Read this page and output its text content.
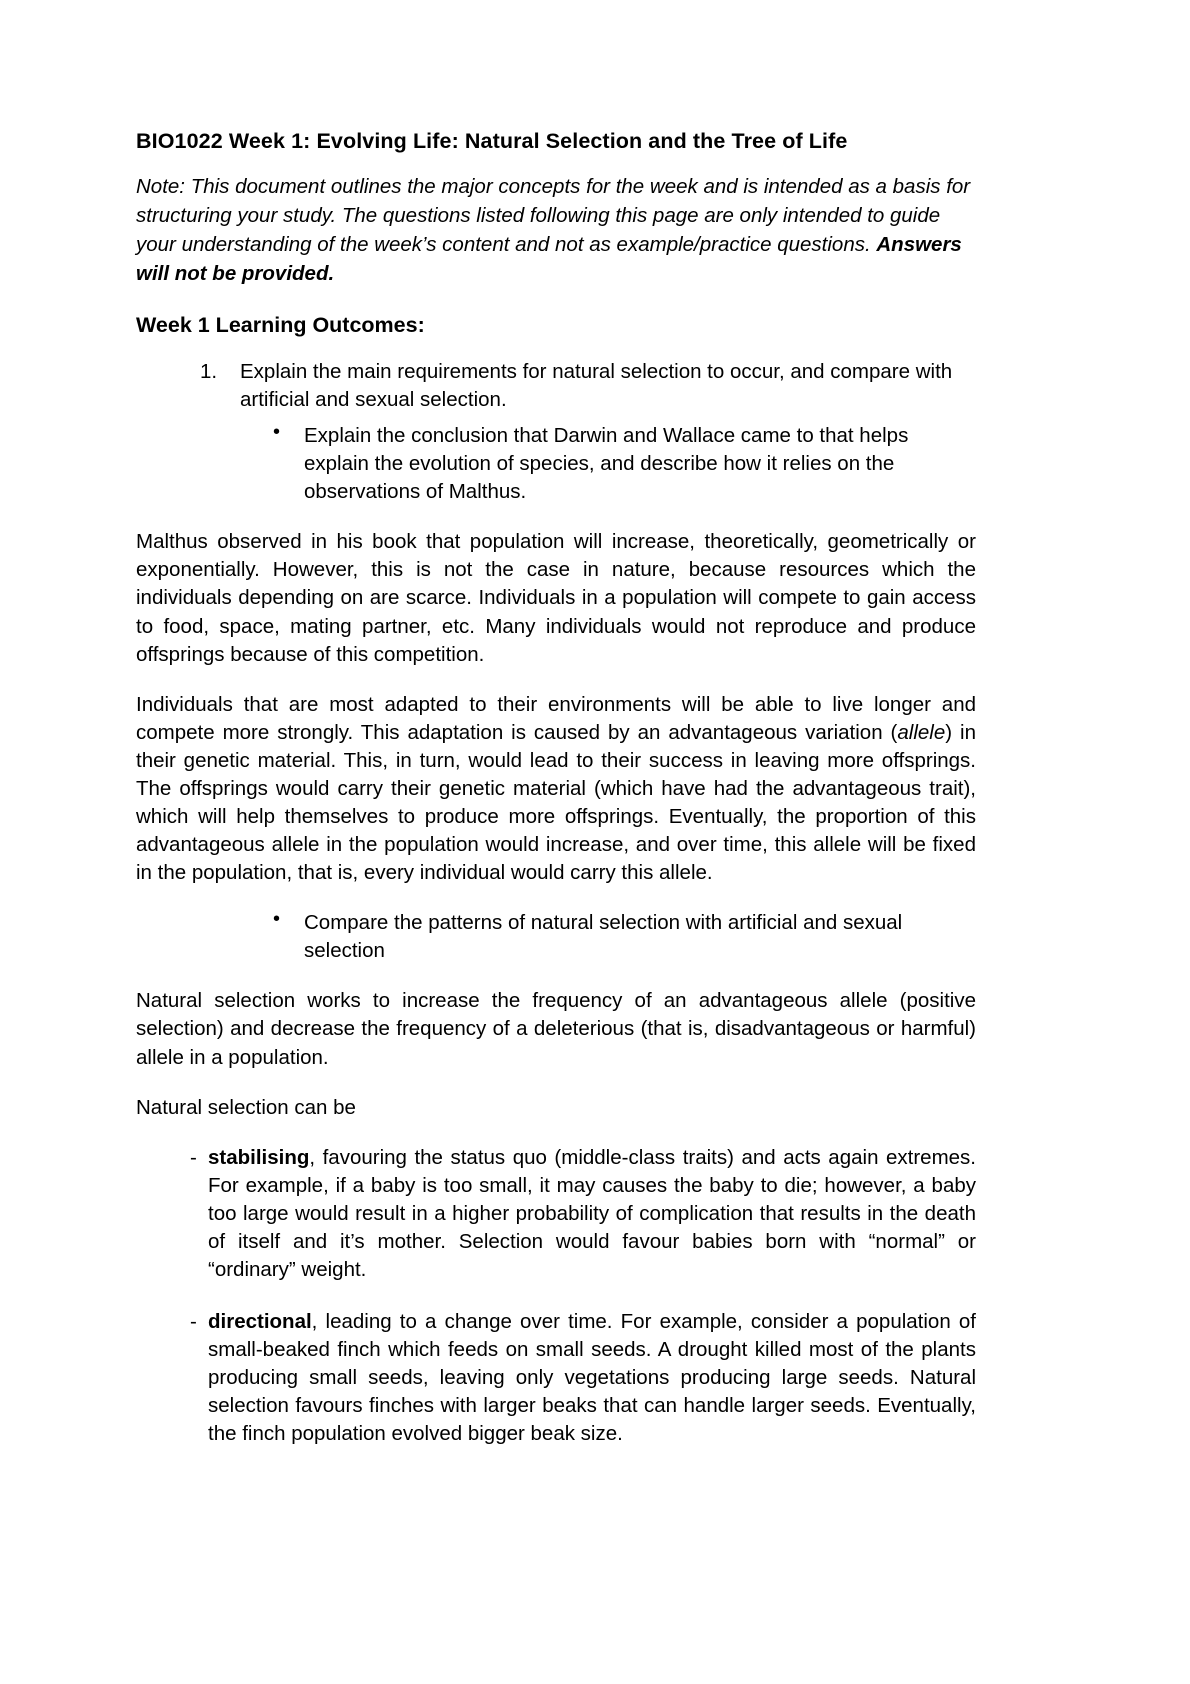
BIO1022 Week 1: Evolving Life: Natural Selection and the Tree of Life

Note: This document outlines the major concepts for the week and is intended as a basis for structuring your study. The questions listed following this page are only intended to guide your understanding of the week’s content and not as example/practice questions. Answers will not be provided.

Week 1 Learning Outcomes:
1.	Explain the main requirements for natural selection to occur, and compare with artificial and sexual selection.
• Explain the conclusion that Darwin and Wallace came to that helps explain the evolution of species, and describe how it relies on the observations of Malthus.

Malthus observed in his book that population will increase, theoretically, geometrically or exponentially. However, this is not the case in nature, because resources which the individuals depending on are scarce. Individuals in a population will compete to gain access to food, space, mating partner, etc. Many individuals would not reproduce and produce offsprings because of this competition.

Individuals that are most adapted to their environments will be able to live longer and compete more strongly. This adaptation is caused by an advantageous variation (allele) in their genetic material. This, in turn, would lead to their success in leaving more offsprings. The offsprings would carry their genetic material (which have had the advantageous trait), which will help themselves to produce more offsprings. Eventually, the proportion of this advantageous allele in the population would increase, and over time, this allele will be fixed in the population, that is, every individual would carry this allele.

• Compare the patterns of natural selection with artificial and sexual selection

Natural selection works to increase the frequency of an advantageous allele (positive selection) and decrease the frequency of a deleterious (that is, disadvantageous or harmful) allele in a population.

Natural selection can be

- stabilising, favouring the status quo (middle-class traits) and acts again extremes. For example, if a baby is too small, it may causes the baby to die; however, a baby too large would result in a higher probability of complication that results in the death of itself and it’s mother. Selection would favour babies born with “normal” or “ordinary” weight.
- directional, leading to a change over time. For example, consider a population of small-beaked finch which feeds on small seeds. A drought killed most of the plants producing small seeds, leaving only vegetations producing large seeds. Natural selection favours finches with larger beaks that can handle larger seeds. Eventually, the finch population evolved bigger beak size.
